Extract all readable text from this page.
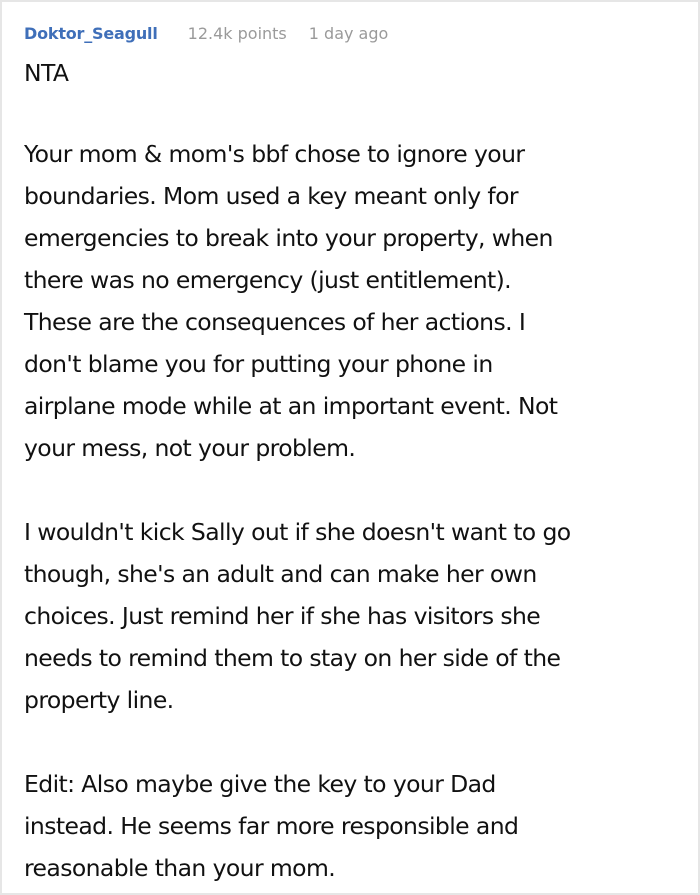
Doktor_Seagull 12.4k points 1 day ago
NTA
Your mom & mom's bbf chose to ignore your
boundaries. Mom used a key meant only for
emergencies to break into your property, when
there was no emergency (just entitlement).
These are the consequences of her actions. I
don't blame you for putting your phone in
airplane mode while at an important event. Not
your mess, not your problem.
I wouldn't kick Sally out if she doesn't want to go
though, she's an adult and can make her own
choices. Just remind her if she has visitors she
needs to remind them to stay on her side of the
property line.
Edit: Also maybe give the key to your Dad
instead. He seems far more responsible and
reasonable than your mom.
